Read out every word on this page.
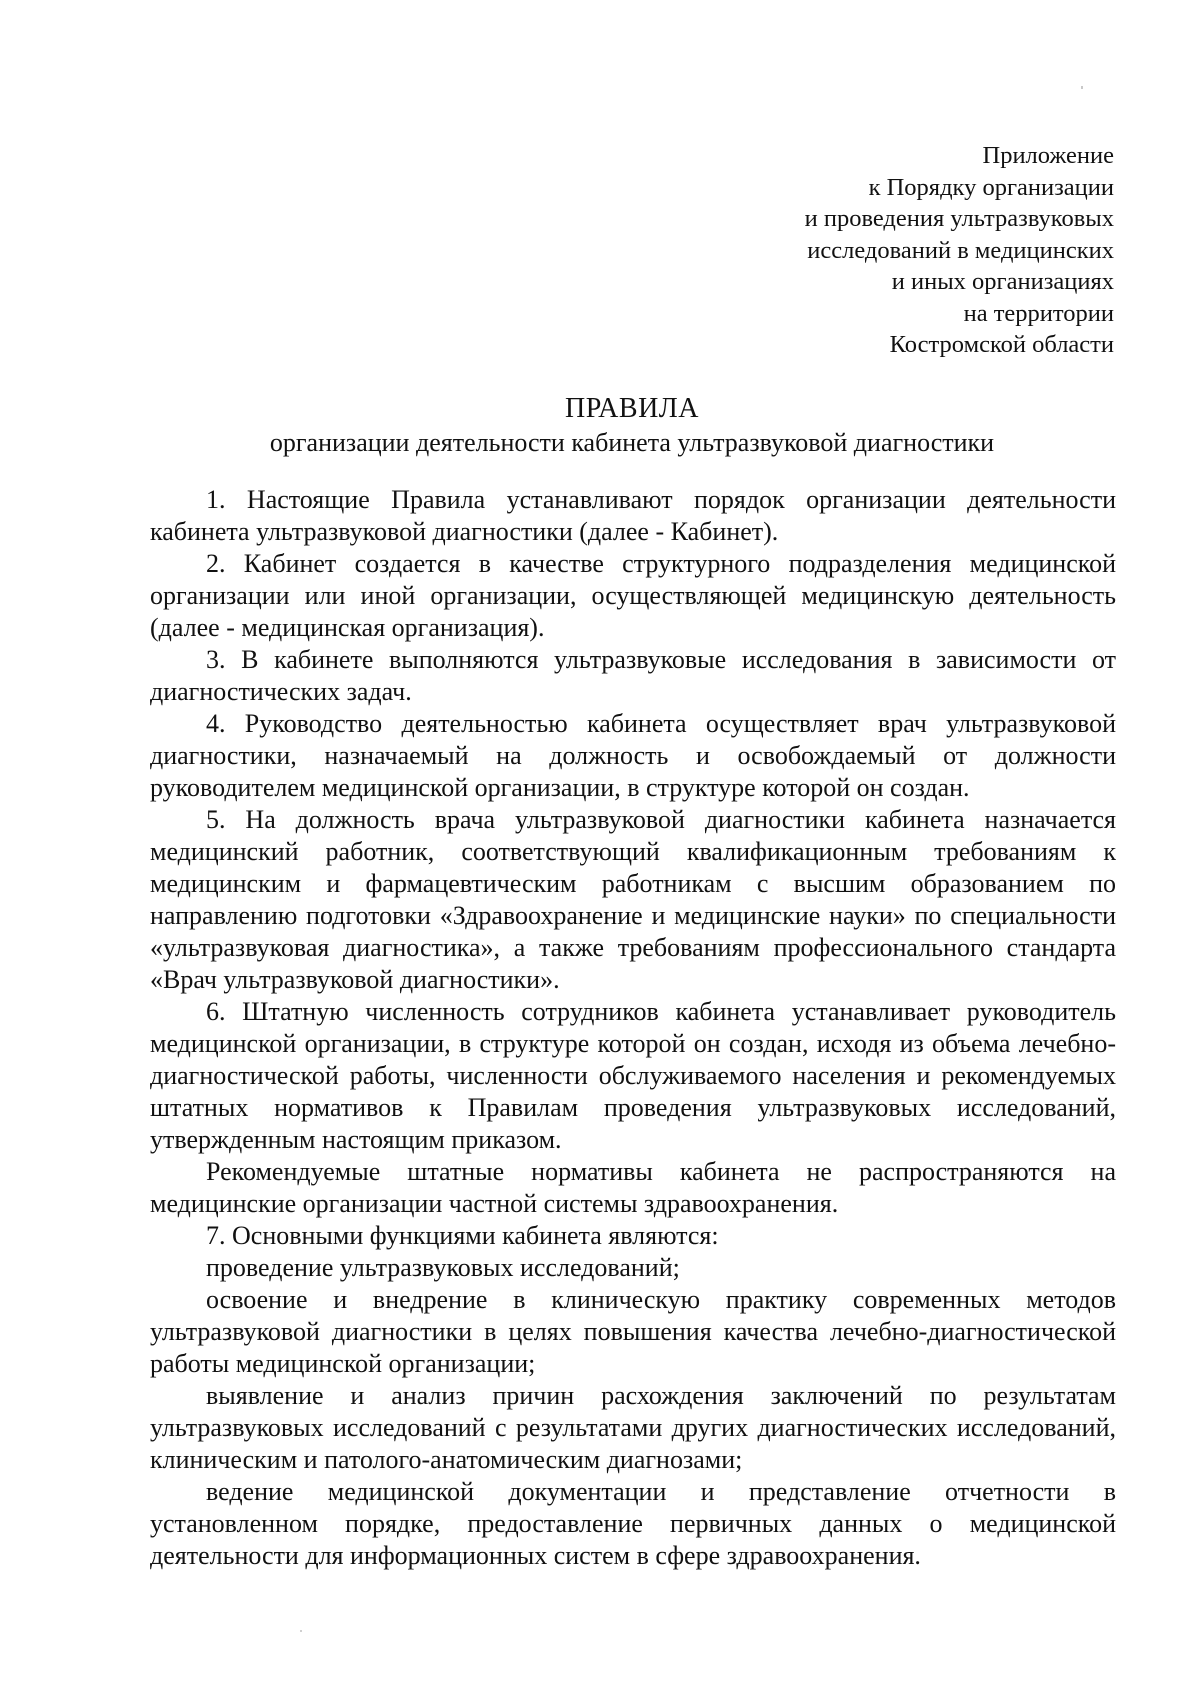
Приложение
к Порядку организации
и проведения ультразвуковых
исследований в медицинских
и иных организациях
на территории
Костромской области
ПРАВИЛА
организации деятельности кабинета ультразвуковой диагностики

1. Настоящие Правила устанавливают порядок организации деятельности кабинета ультразвуковой диагностики (далее - Кабинет).

2. Кабинет создается в качестве структурного подразделения медицинской организации или иной организации, осуществляющей медицинскую деятельность (далее - медицинская организация).

3. В кабинете выполняются ультразвуковые исследования в зависимости от диагностических задач.

4. Руководство деятельностью кабинета осуществляет врач ультразвуковой диагностики, назначаемый на должность и освобождаемый от должности руководителем медицинской организации, в структуре которой он создан.

5. На должность врача ультразвуковой диагностики кабинета назначается медицинский работник, соответствующий квалификационным требованиям к медицинским и фармацевтическим работникам с высшим образованием по направлению подготовки «Здравоохранение и медицинские науки» по специальности «ультразвуковая диагностика», а также требованиям профессионального стандарта «Врач ультразвуковой диагностики».

6. Штатную численность сотрудников кабинета устанавливает руководитель медицинской организации, в структуре которой он создан, исходя из объема лечебно-диагностической работы, численности обслуживаемого населения и рекомендуемых штатных нормативов к Правилам проведения ультразвуковых исследований, утвержденным настоящим приказом.

Рекомендуемые штатные нормативы кабинета не распространяются на медицинские организации частной системы здравоохранения.

7. Основными функциями кабинета являются:

проведение ультразвуковых исследований;

освоение и внедрение в клиническую практику современных методов ультразвуковой диагностики в целях повышения качества лечебно-диагностической работы медицинской организации;

выявление и анализ причин расхождения заключений по результатам ультразвуковых исследований с результатами других диагностических исследований, клиническим и патолого-анатомическим диагнозами;

ведение медицинской документации и представление отчетности в установленном порядке, предоставление первичных данных о медицинской деятельности для информационных систем в сфере здравоохранения.
